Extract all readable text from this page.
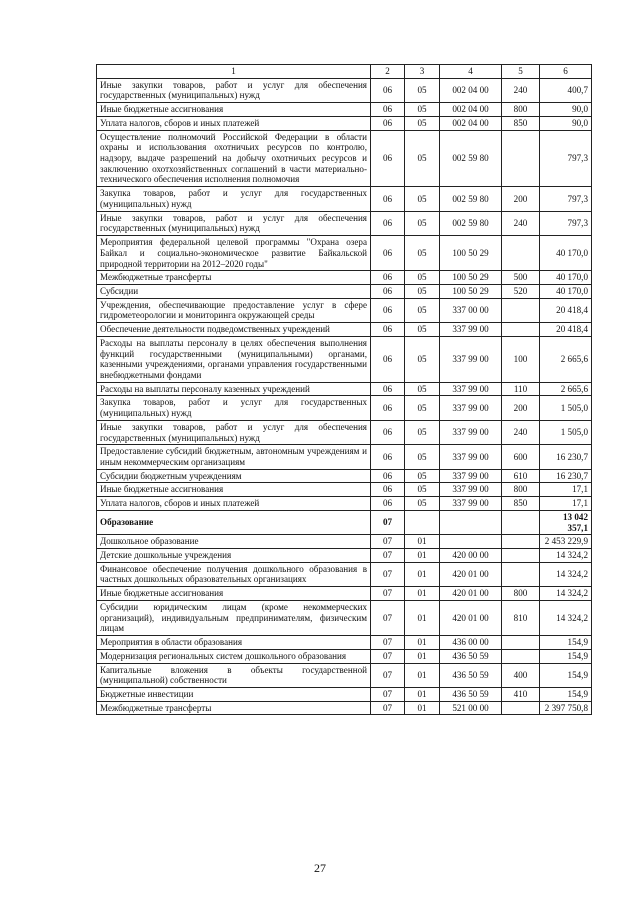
1	2	3	4	5	6
Иные закупки товаров, работ и услуг для обеспечения государственных (муниципальных) нужд	06	05	002 04 00	240	400,7
Иные бюджетные ассигнования	06	05	002 04 00	800	90,0
Уплата налогов, сборов и иных платежей	06	05	002 04 00	850	90,0
Осуществление полномочий Российской Федерации в области охраны и использования охотничьих ресурсов по контролю, надзору, выдаче разрешений на добычу охотничьих ресурсов и заключению охотхозяйственных соглашений в части материально-технического обеспечения исполнения полномочия	06	05	002 59 80		797,3
Закупка товаров, работ и услуг для государственных (муниципальных) нужд	06	05	002 59 80	200	797,3
Иные закупки товаров, работ и услуг для обеспечения государственных (муниципальных) нужд	06	05	002 59 80	240	797,3
Мероприятия федеральной целевой программы "Охрана озера Байкал и социально-экономическое развитие Байкальской природной территории на 2012–2020 годы"	06	05	100 50 29		40 170,0
Межбюджетные трансферты	06	05	100 50 29	500	40 170,0
Субсидии	06	05	100 50 29	520	40 170,0
Учреждения, обеспечивающие предоставление услуг в сфере гидрометеорологии и мониторинга окружающей среды	06	05	337 00 00		20 418,4
Обеспечение деятельности подведомственных учреждений	06	05	337 99 00		20 418,4
Расходы на выплаты персоналу в целях обеспечения выполнения функций государственными (муниципальными) органами, казенными учреждениями, органами управления государственными внебюджетными фондами	06	05	337 99 00	100	2 665,6
Расходы на выплаты персоналу казенных учреждений	06	05	337 99 00	110	2 665,6
Закупка товаров, работ и услуг для государственных (муниципальных) нужд	06	05	337 99 00	200	1 505,0
Иные закупки товаров, работ и услуг для обеспечения государственных (муниципальных) нужд	06	05	337 99 00	240	1 505,0
Предоставление субсидий бюджетным, автономным учреждениям и иным некоммерческим организациям	06	05	337 99 00	600	16 230,7
Субсидии бюджетным учреждениям	06	05	337 99 00	610	16 230,7
Иные бюджетные ассигнования	06	05	337 99 00	800	17,1
Уплата налогов, сборов и иных платежей	06	05	337 99 00	850	17,1
Образование	07				13 042 357,1
Дошкольное образование	07	01			2 453 229,9
Детские дошкольные учреждения	07	01	420 00 00		14 324,2
Финансовое обеспечение получения дошкольного образования в частных дошкольных образовательных организациях	07	01	420 01 00		14 324,2
Иные бюджетные ассигнования	07	01	420 01 00	800	14 324,2
Субсидии юридическим лицам (кроме некоммерческих организаций), индивидуальным предпринимателям, физическим лицам	07	01	420 01 00	810	14 324,2
Мероприятия в области образования	07	01	436 00 00		154,9
Модернизация региональных систем дошкольного образования	07	01	436 50 59		154,9
Капитальные вложения в объекты государственной (муниципальной) собственности	07	01	436 50 59	400	154,9
Бюджетные инвестиции	07	01	436 50 59	410	154,9
Межбюджетные трансферты	07	01	521 00 00		2 397 750,8
27
